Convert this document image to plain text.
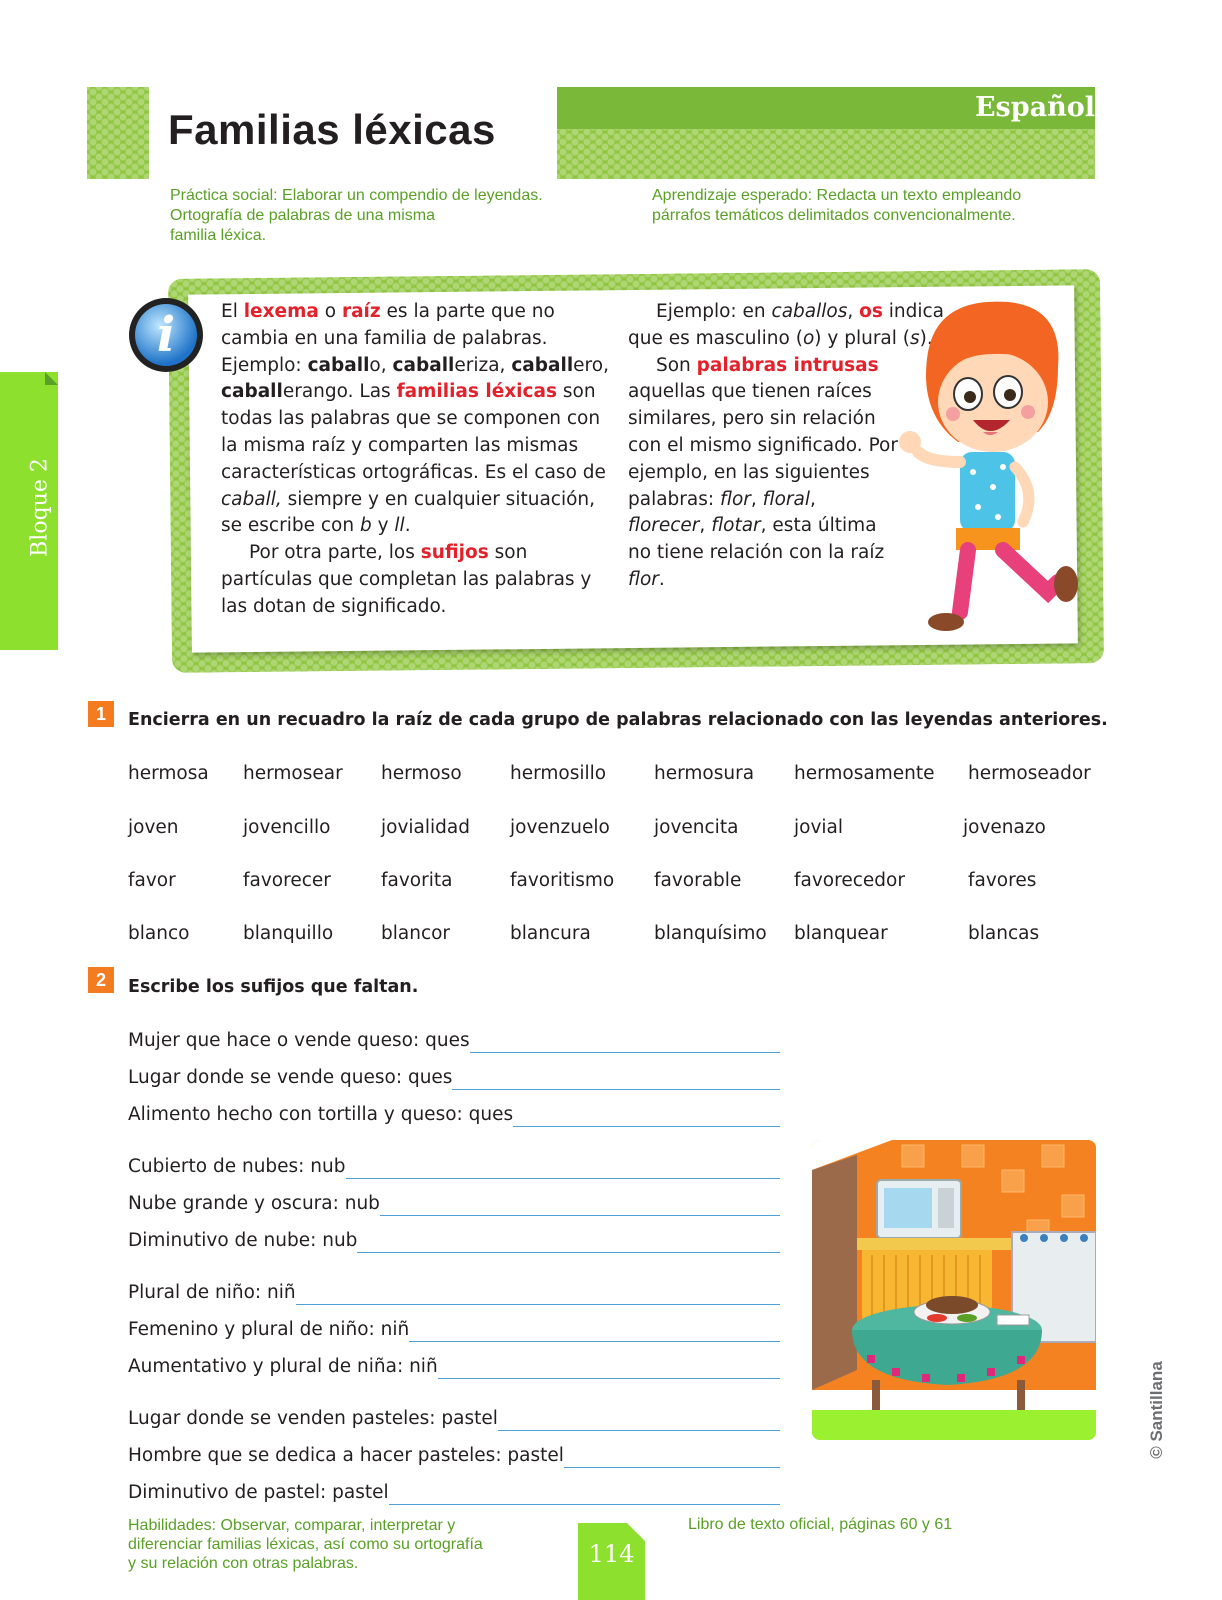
Familias léxicas	Español
Práctica social: Elaborar un compendio de leyendas.
Ortografía de palabras de una misma
familia léxica.
Aprendizaje esperado: Redacta un texto empleando
párrafos temáticos delimitados convencionalmente.
Bloque 2
i	El lexema o raíz es la parte que no cambia en una familia de palabras. Ejemplo: caballo, caballeriza, caballero, caballerango. Las familias léxicas son todas las palabras que se componen con la misma raíz y comparten las mismas características ortográficas. Es el caso de caball, siempre y en cualquier situación, se escribe con b y ll.
Por otra parte, los sufijos son partículas que completan las palabras y las dotan de significado.
Ejemplo: en caballos, os indica que es masculino (o) y plural (s).
Son palabras intrusas aquellas que tienen raíces similares, pero sin relación con el mismo significado. Por ejemplo, en las siguientes palabras: flor, floral, florecer, flotar, esta última no tiene relación con la raíz flor.
1	Encierra en un recuadro la raíz de cada grupo de palabras relacionado con las leyendas anteriores.
hermosa hermosear hermoso	hermosillo	hermosura hermosamente hermoseador
joven	jovencillo	jovialidad jovenzuelo jovencita	jovial	jovenazo
favor	favorecer	favorita	favoritismo favorable	favorecedor	favores
blanco	blanquillo	blancor	blancura	blanquísimo blanquear	blancas
2	Escribe los sufijos que faltan.
Mujer que hace o vende queso: ques
Lugar donde se vende queso: ques
Alimento hecho con tortilla y queso: ques
Cubierto de nubes: nub
Nube grande y oscura: nub
Diminutivo de nube: nub
Plural de niño: niñ
Femenino y plural de niño: niñ
Aumentativo y plural de niña: niñ
Lugar donde se venden pasteles: pastel
Hombre que se dedica a hacer pasteles: pastel
Diminutivo de pastel: pastel
Habilidades: Observar, comparar, interpretar y
diferenciar familias léxicas, así como su ortografía
y su relación con otras palabras.	114
Libro de texto oficial, páginas 60 y 61
© Santillana
